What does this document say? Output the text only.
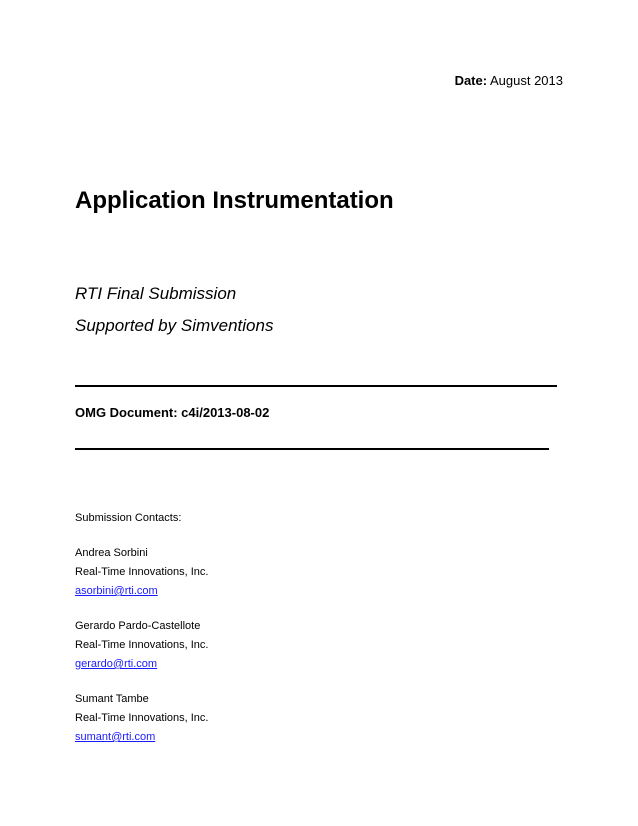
Date: August 2013
Application Instrumentation
RTI Final Submission
Supported by Simventions
OMG Document: c4i/2013-08-02
Submission Contacts:
Andrea Sorbini
Real-Time Innovations, Inc.
asorbini@rti.com
Gerardo Pardo-Castellote
Real-Time Innovations, Inc.
gerardo@rti.com
Sumant Tambe
Real-Time Innovations, Inc.
sumant@rti.com
